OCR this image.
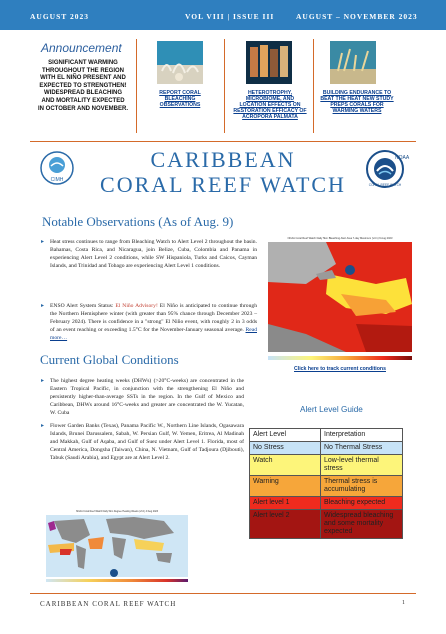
AUGUST 2023	VOL VIII | ISSUE III	AUGUST – NOVEMBER 2023
Announcement
SIGNIFICANT WARMING THROUGHOUT THE REGION WITH EL NIÑO PRESENT AND EXPECTED TO STRENGTHEN! WIDESPREAD BLEACHING AND MORTALITY EXPECTED IN OCTOBER AND NOVEMBER.
REPORT CORAL BLEACHING OBSERVATIONS
HETEROTROPHY, MICROBIOME, AND LOCATION EFFECTS ON RESTORATION EFFICACY OF ACROPORA PALMATA
BUILDING ENDURANCE TO BEAT THE HEAT NEW STUDY PREPS CORALS FOR WARMING WATERS
CIMH
CARIBBEAN
CORAL REEF WATCH
NOAA
CORAL REEF WATCH
Notable Observations (As of Aug. 9)
▸ Heat stress continues to range from Bleaching Watch to Alert Level 2 throughout the basin. Bahamas, Costa Rica, and Nicaragua, join Belize, Cuba, Colombia and Panama in experiencing Alert Level 2 conditions, while SW Hispaniola, Turks and Caicos, Cayman Islands, and Trinidad and Tobago are experiencing Alert Level 1 conditions.
▸ ENSO Alert System Status: El Niño Advisory! El Niño is anticipated to continue through the Northern Hemisphere winter (with greater than 95% chance through December 2023 –February 2024). There is confidence in a "strong" El Niño event, with roughly 2 in 3 odds of an event reaching or exceeding 1.5°C for the November-January seasonal average. Read more…
NOAA Coral Reef Watch Daily 5km Bleaching Alert Area 7-day Maximum (v3.1) 9 Aug 2023
Click here to track current conditions
Current Global Conditions
▸ The highest degree heating weeks (DHWs) (>20°C-weeks) are concentrated in the Eastern Tropical Pacific, in conjunction with the strengthening El Niño and persistently higher-than-average SSTs in the region. In the Gulf of Mexico and Caribbean, DHWs around 16°C-weeks and greater are concentrated the W. Yucatan, W. Cuba
▸ Flower Garden Banks (Texas), Panama Pacific W., Northern Line Islands, Ogasawara Islands, Brunei Darussalem, Sabah, W. Persian Gulf, W. Yemen, Eritrea, Al Madinah and Makkah, Gulf of Aqaba, and Gulf of Suez under Alert Level 1. Florida, most of Central America, Dongsha (Taiwan), China, N. Vietnam, Gulf of Tadjoura (Djibouti), Tabuk (Saudi Arabia), and Egypt are at Alert Level 2.
NOAA Coral Reef Watch Daily 5km Degree Heating Weeks (v3.1) 9 Aug 2023
Alert Level Guide
Alert Level	Interpretation
No Stress	No Thermal Stress
Watch	Low-level thermal stress
Warning	Thermal stress is accumulating
Alert level 1	Bleaching expected
Alert level 2	Widespread bleaching and some mortality expected
CARIBBEAN CORAL REEF WATCH	1
